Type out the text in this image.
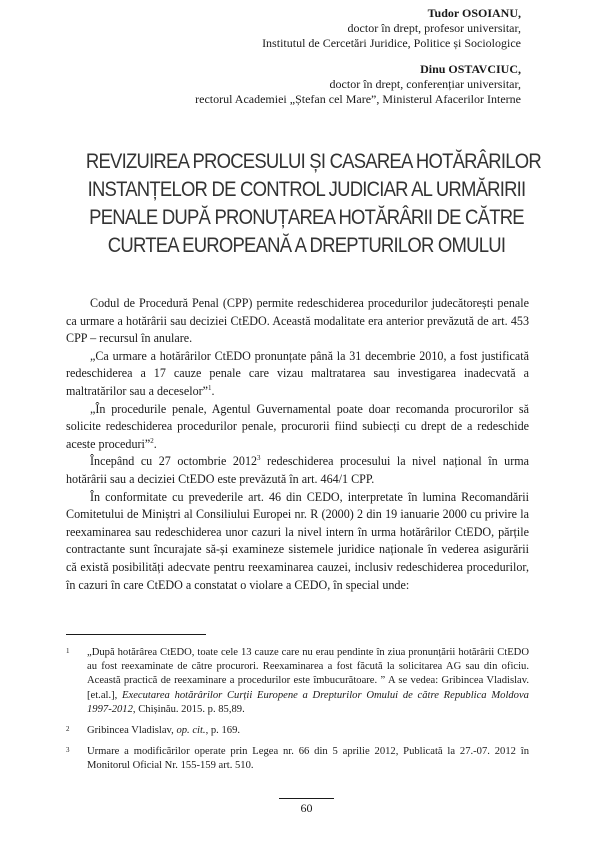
Tudor OSOIANU,
doctor în drept, profesor universitar,
Institutul de Cercetări Juridice, Politice și Sociologice
Dinu OSTAVCIUC,
doctor în drept, conferențiar universitar,
rectorul Academiei „Ștefan cel Mare”, Ministerul Afacerilor Interne
REVIZUIREA PROCESULUI ȘI CASAREA HOTĂRÂRILOR
INSTANȚELOR DE CONTROL JUDICIAR AL URMĂRIRII
PENALE DUPĂ PRONUȚAREA HOTĂRÂRII DE CĂTRE
CURTEA EUROPEANĂ A DREPTURILOR OMULUI

Codul de Procedură Penal (CPP) permite redeschiderea procedurilor judecătorești penale ca urmare a hotărârii sau deciziei CtEDO. Această modalitate era anterior prevăzută de art. 453 CPP – recursul în anulare.

„Ca urmare a hotărârilor CtEDO pronunțate până la 31 decembrie 2010, a fost justificată redeschiderea a 17 cauze penale care vizau maltratarea sau investigarea inadecvată a maltratărilor sau a deceselor”$^1$.

„În procedurile penale, Agentul Guvernamental poate doar recomanda procurorilor să solicite redeschiderea procedurilor penale, procurorii fiind subiecți cu drept de a redeschide aceste proceduri”$^2$.

Începând cu 27 octombrie 2012$^3$ redeschiderea procesului la nivel național în urma hotărârii sau a deciziei CtEDO este prevăzută în art. 464/1 CPP.

În conformitate cu prevederile art. 46 din CEDO, interpretate în lumina Recomandării Comitetului de Miniștri al Consiliului Europei nr. R (2000) 2 din 19 ianuarie 2000 cu privire la reexaminarea sau redeschiderea unor cazuri la nivel intern în urma hotărârilor CtEDO, părțile contractante sunt încurajate să-și examineze sistemele juridice naționale în vederea asigurării că există posibilități adecvate pentru reexaminarea cauzei, inclusiv redeschiderea procedurilor, în cazuri în care CtEDO a constatat o violare a CEDO, în special unde:

1 „După hotărârea CtEDO, toate cele 13 cauze care nu erau pendinte în ziua pronunțării hotărârii CtEDO au fost reexaminate de către procurori. Reexaminarea a fost făcută la solicitarea AG sau din oficiu. Această practică de reexaminare a procedurilor este îmbucurătoare. ” A se vedea: Gribincea Vladislav. [et.al.], Executarea hotărârilor Curții Europene a Drepturilor Omului de către Republica Moldova 1997-2012, Chișinău. 2015. p. 85,89.
2 Gribincea Vladislav, op. cit., p. 169.
3 Urmare a modificărilor operate prin Legea nr. 66 din 5 aprilie 2012, Publicată la 27.-07. 2012 în Monitorul Oficial Nr. 155-159 art. 510.
60
